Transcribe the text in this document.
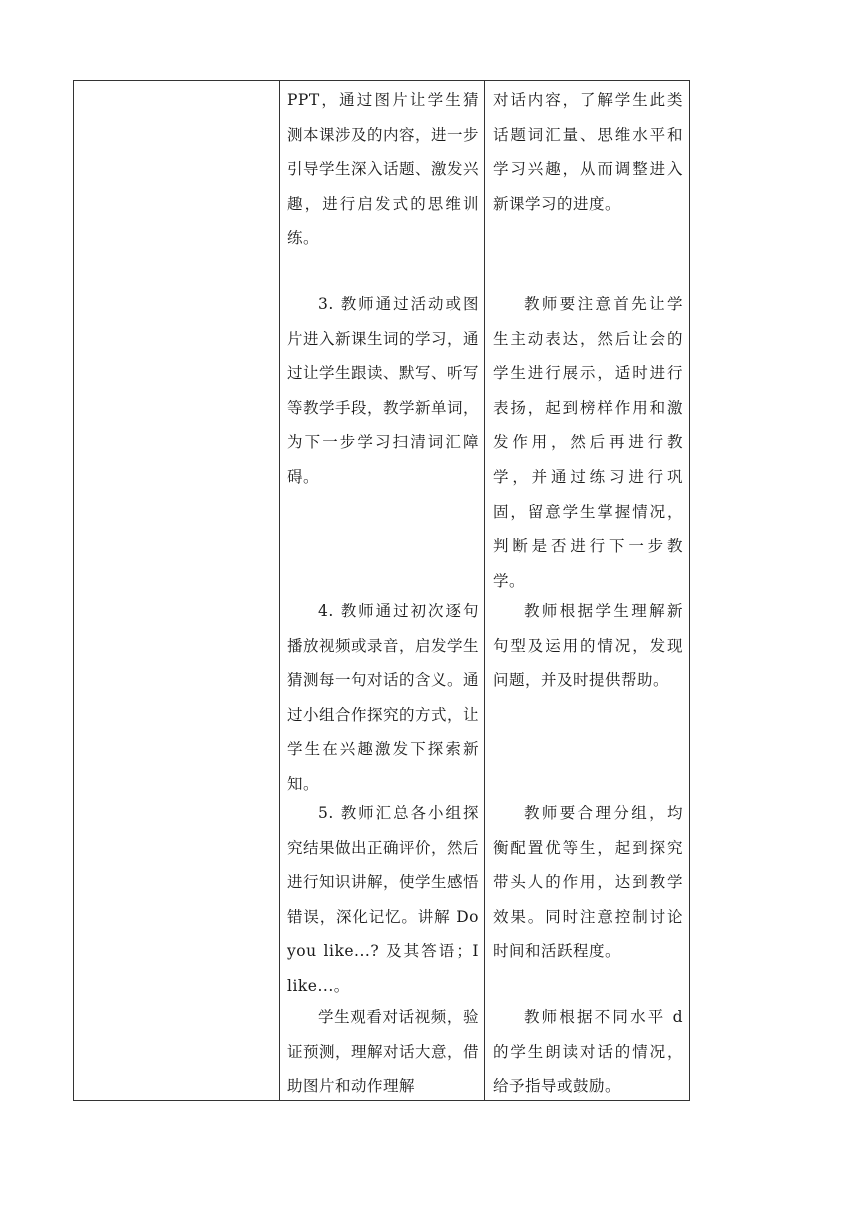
PPT，通过图片让学生猜测本课涉及的内容，进一步引导学生深入话题、激发兴趣，进行启发式的思维训练。
3. 教师通过活动或图片进入新课生词的学习，通过让学生跟读、默写、听写等教学手段，教学新单词，为下一步学习扫清词汇障碍。
4. 教师通过初次逐句播放视频或录音，启发学生猜测每一句对话的含义。通过小组合作探究的方式，让学生在兴趣激发下探索新知。
5. 教师汇总各小组探究结果做出正确评价，然后进行知识讲解，使学生感悟错误，深化记忆。讲解 Do you like...? 及其答语；I like...。
学生观看对话视频，验证预测，理解对话大意，借助图片和动作理解
对话内容，了解学生此类话题词汇量、思维水平和学习兴趣，从而调整进入新课学习的进度。
教师要注意首先让学生主动表达，然后让会的学生进行展示，适时进行表扬，起到榜样作用和激发作用，然后再进行教学，并通过练习进行巩固，留意学生掌握情况，判断是否进行下一步教学。
教师根据学生理解新句型及运用的情况，发现问题，并及时提供帮助。
教师要合理分组，均衡配置优等生，起到探究带头人的作用，达到教学效果。同时注意控制讨论时间和活跃程度。
教师根据不同水平 d 的学生朗读对话的情况，给予指导或鼓励。
